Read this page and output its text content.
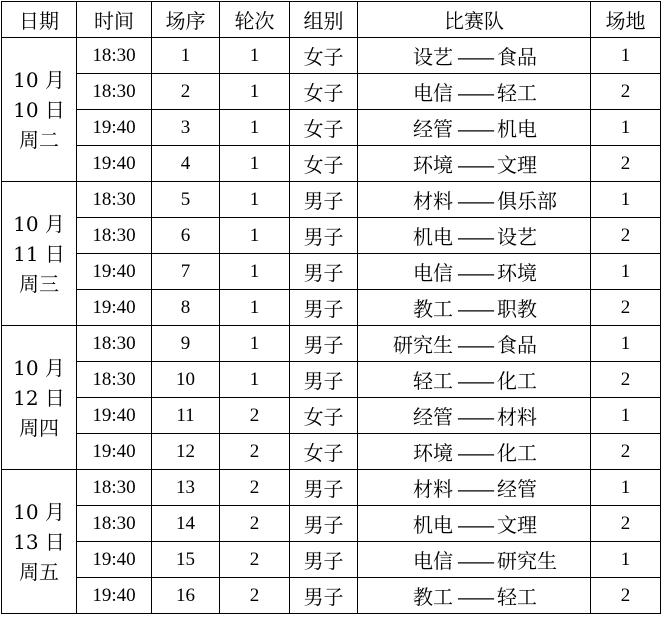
日期	时间	场序	轮次	组别	比赛队	场地

10 月
10 日
周二	18:30	1	1	女子	设艺 —— 食品	1
	18:30	2	1	女子	电信 —— 轻工	2
	19:40	3	1	女子	经管 —— 机电	1
	19:40	4	1	女子	环境 —— 文理	2

10 月
11 日
周三	18:30	5	1	男子	材料 —— 俱乐部	1
	18:30	6	1	男子	机电 —— 设艺	2
	19:40	7	1	男子	电信 —— 环境	1
	19:40	8	1	男子	教工 —— 职教	2

10 月
12 日
周四	18:30	9	1	男子	研究生 —— 食品	1
	18:30	10	1	男子	轻工 —— 化工	2
	19:40	11	2	女子	经管 —— 材料	1
	19:40	12	2	女子	环境 —— 化工	2

10 月
13 日
周五	18:30	13	2	男子	材料 —— 经管	1
	18:30	14	2	男子	机电 —— 文理	2
	19:40	15	2	男子	电信 —— 研究生	1
	19:40	16	2	男子	教工 —— 轻工	2
